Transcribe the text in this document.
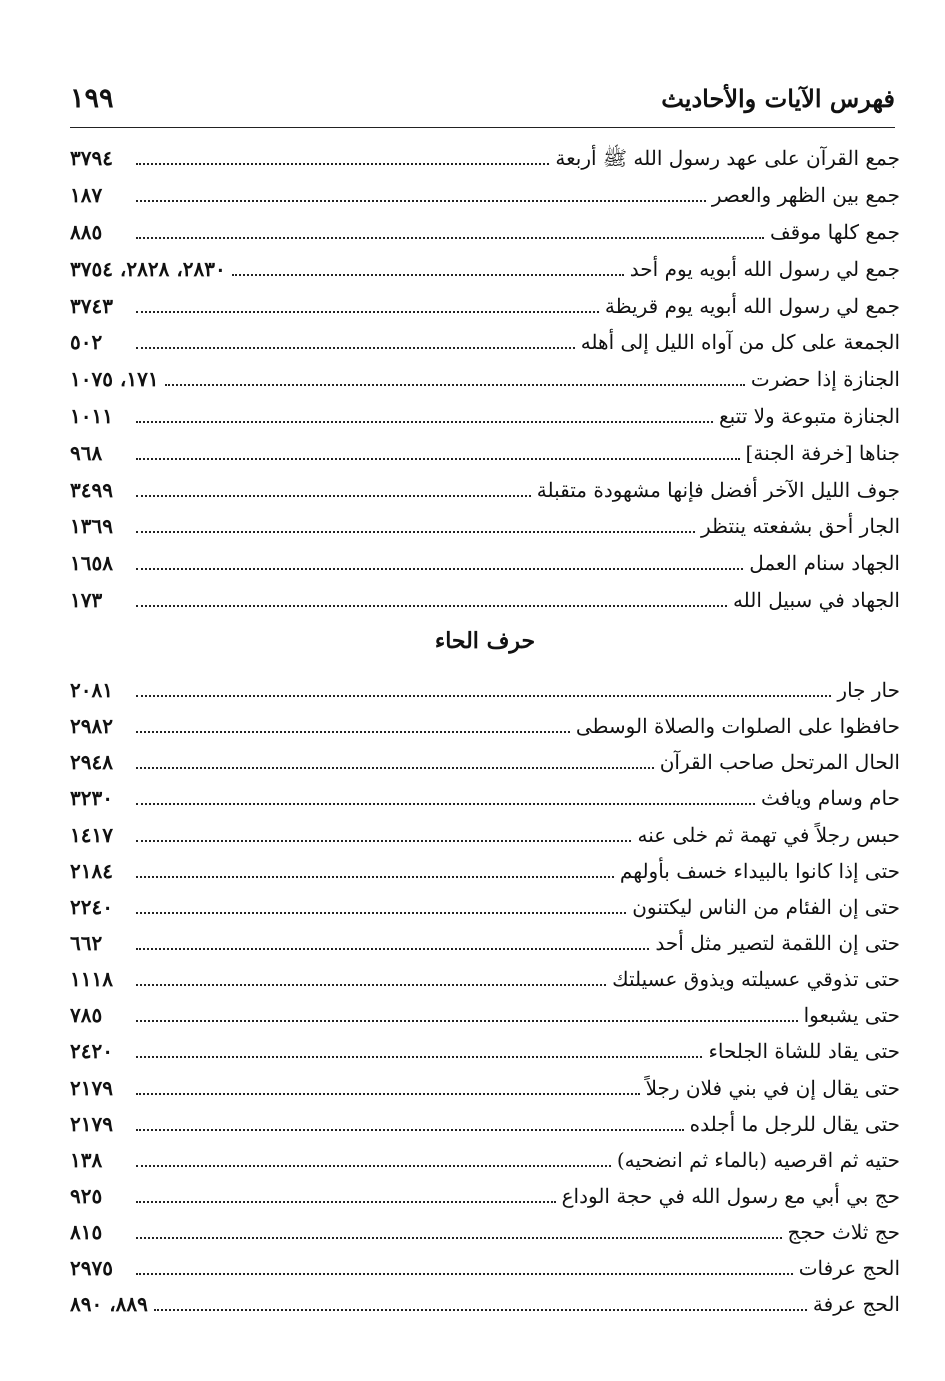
١٩٩	فهرس الآيات والأحاديث
جمع القرآن على عهد رسول الله ﷺ أربعة
٣٧٩٤
جمع بين الظهر والعصر
١٨٧
جمع كلها موقف
٨٨٥
جمع لي رسول الله أبويه يوم أحد
٢٨٣٠، ٢٨٢٨، ٣٧٥٤
جمع لي رسول الله أبويه يوم قريظة
٣٧٤٣
الجمعة على كل من آواه الليل إلى أهله
٥٠٢
الجنازة إذا حضرت
١٧١، ١٠٧٥
الجنازة متبوعة ولا تتبع
١٠١١
جناها [خرفة الجنة]
٩٦٨
جوف الليل الآخر أفضل فإنها مشهودة متقبلة
٣٤٩٩
الجار أحق بشفعته ينتظر
١٣٦٩
الجهاد سنام العمل
١٦٥٨
الجهاد في سبيل الله
١٧٣
حرف الحاء
حار جار
٢٠٨١
حافظوا على الصلوات والصلاة الوسطى
٢٩٨٢
الحال المرتحل صاحب القرآن
٢٩٤٨
حام وسام ويافث
٣٢٣٠
حبس رجلاً في تهمة ثم خلى عنه
١٤١٧
حتى إذا كانوا بالبيداء خسف بأولهم
٢١٨٤
حتى إن الفئام من الناس ليكتنون
٢٢٤٠
حتى إن اللقمة لتصير مثل أحد
٦٦٢
حتى تذوقي عسيلته ويذوق عسيلتك
١١١٨
حتى يشبعوا
٧٨٥
حتى يقاد للشاة الجلحاء
٢٤٢٠
حتى يقال إن في بني فلان رجلاً
٢١٧٩
حتى يقال للرجل ما أجلده
٢١٧٩
حتيه ثم اقرصيه (بالماء ثم انضحيه)
١٣٨
حج بي أبي مع رسول الله في حجة الوداع
٩٢٥
حج ثلاث حجج
٨١٥
الحج عرفات
٢٩٧٥
الحج عرفة
٨٨٩، ٨٩٠
